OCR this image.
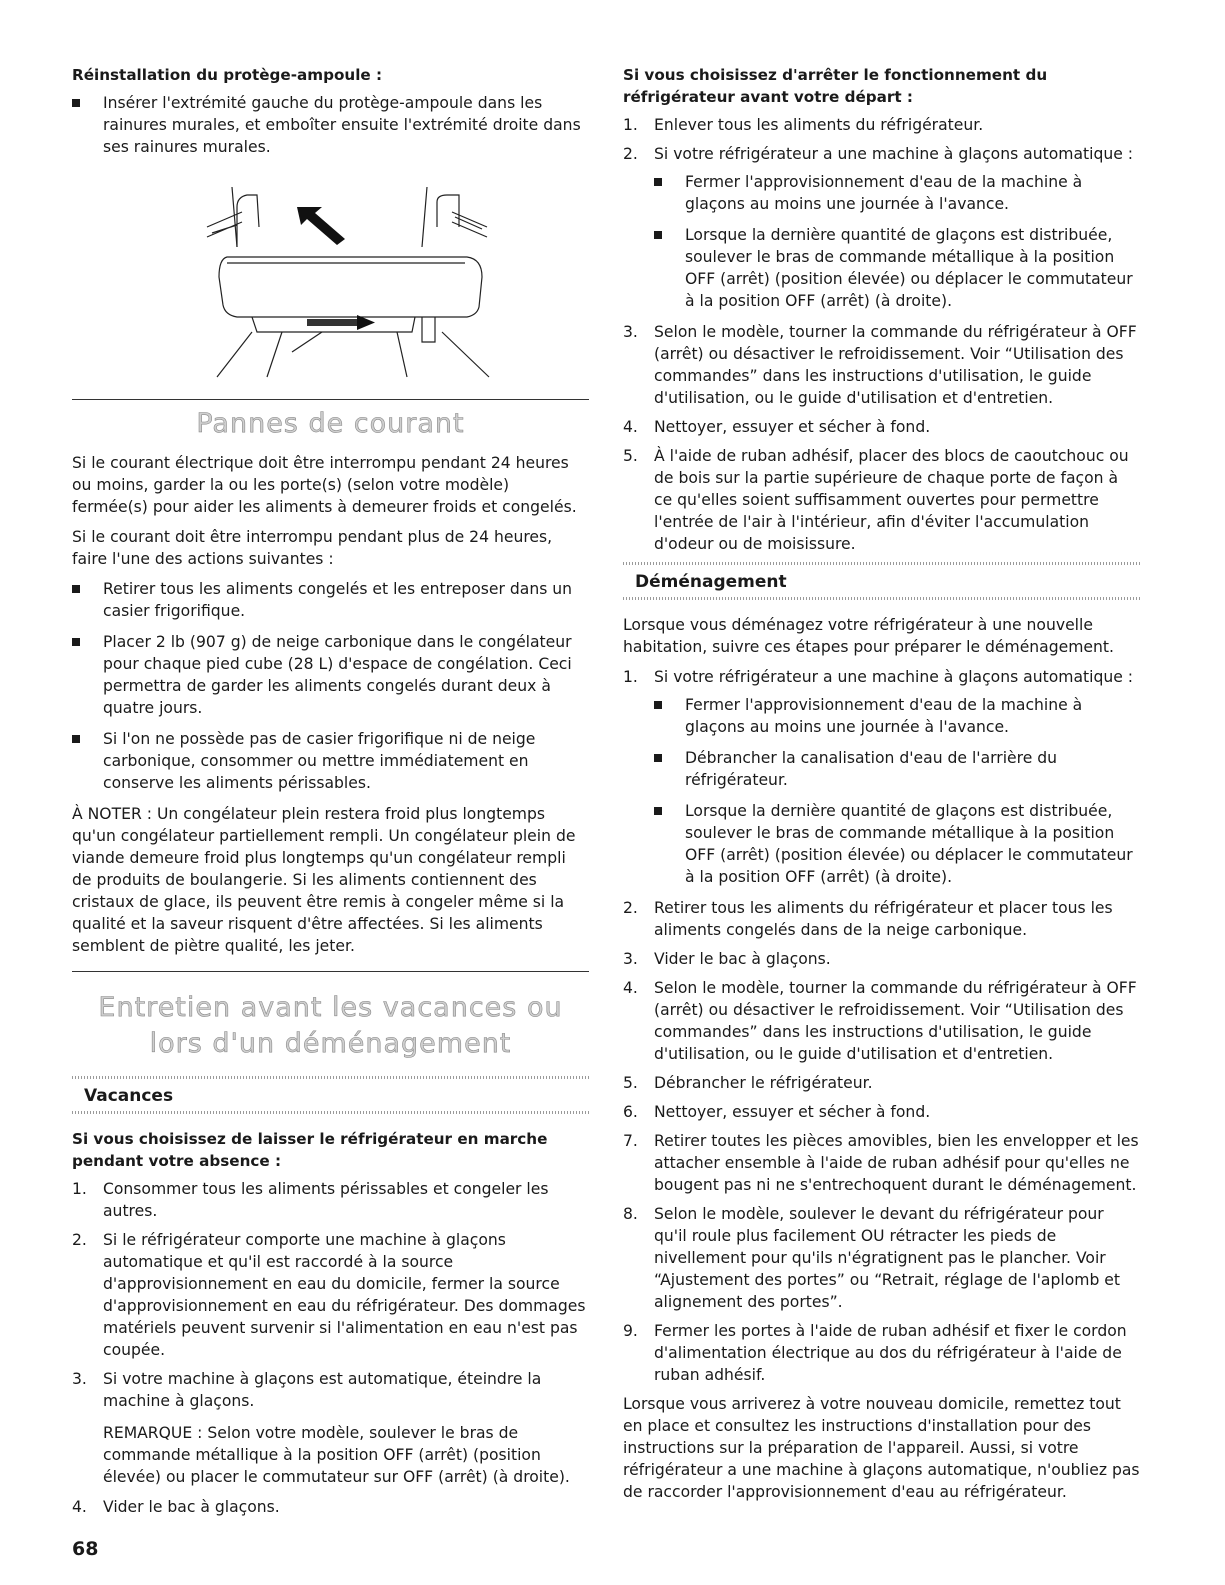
Réinstallation du protège-ampoule :

Insérer l'extrémité gauche du protège-ampoule dans les rainures murales, et emboîter ensuite l'extrémité droite dans ses rainures murales.
Pannes de courant

Si le courant électrique doit être interrompu pendant 24 heures ou moins, garder la ou les porte(s) (selon votre modèle) fermée(s) pour aider les aliments à demeurer froids et congelés.

Si le courant doit être interrompu pendant plus de 24 heures, faire l'une des actions suivantes :

Retirer tous les aliments congelés et les entreposer dans un casier frigorifique.
Placer 2 lb (907 g) de neige carbonique dans le congélateur pour chaque pied cube (28 L) d'espace de congélation. Ceci permettra de garder les aliments congelés durant deux à quatre jours.
Si l'on ne possède pas de casier frigorifique ni de neige carbonique, consommer ou mettre immédiatement en conserve les aliments périssables.

À NOTER : Un congélateur plein restera froid plus longtemps qu'un congélateur partiellement rempli. Un congélateur plein de viande demeure froid plus longtemps qu'un congélateur rempli de produits de boulangerie. Si les aliments contiennent des cristaux de glace, ils peuvent être remis à congeler même si la qualité et la saveur risquent d'être affectées. Si les aliments semblent de piètre qualité, les jeter.

Entretien avant les vacances ou
lors d'un déménagement
Vacances

Si vous choisissez de laisser le réfrigérateur en marche pendant votre absence :

1. Consommer tous les aliments périssables et congeler les autres.
2. Si le réfrigérateur comporte une machine à glaçons automatique et qu'il est raccordé à la source d'approvisionnement en eau du domicile, fermer la source d'approvisionnement en eau du réfrigérateur. Des dommages matériels peuvent survenir si l'alimentation en eau n'est pas coupée.
3. Si votre machine à glaçons est automatique, éteindre la machine à glaçons.

REMARQUE : Selon votre modèle, soulever le bras de commande métallique à la position OFF (arrêt) (position élevée) ou placer le commutateur sur OFF (arrêt) (à droite).

4. Vider le bac à glaçons.

Si vous choisissez d'arrêter le fonctionnement du réfrigérateur avant votre départ :

1. Enlever tous les aliments du réfrigérateur.
2. Si votre réfrigérateur a une machine à glaçons automatique :
Fermer l'approvisionnement d'eau de la machine à glaçons au moins une journée à l'avance.
Lorsque la dernière quantité de glaçons est distribuée, soulever le bras de commande métallique à la position OFF (arrêt) (position élevée) ou déplacer le commutateur à la position OFF (arrêt) (à droite).
3. Selon le modèle, tourner la commande du réfrigérateur à OFF (arrêt) ou désactiver le refroidissement. Voir “Utilisation des commandes” dans les instructions d'utilisation, le guide d'utilisation, ou le guide d'utilisation et d'entretien.
4. Nettoyer, essuyer et sécher à fond.
5. À l'aide de ruban adhésif, placer des blocs de caoutchouc ou de bois sur la partie supérieure de chaque porte de façon à ce qu'elles soient suffisamment ouvertes pour permettre l'entrée de l'air à l'intérieur, afin d'éviter l'accumulation d'odeur ou de moisissure.
Déménagement

Lorsque vous déménagez votre réfrigérateur à une nouvelle habitation, suivre ces étapes pour préparer le déménagement.

1. Si votre réfrigérateur a une machine à glaçons automatique :
Fermer l'approvisionnement d'eau de la machine à glaçons au moins une journée à l'avance.
Débrancher la canalisation d'eau de l'arrière du réfrigérateur.
Lorsque la dernière quantité de glaçons est distribuée, soulever le bras de commande métallique à la position OFF (arrêt) (position élevée) ou déplacer le commutateur à la position OFF (arrêt) (à droite).
2. Retirer tous les aliments du réfrigérateur et placer tous les aliments congelés dans de la neige carbonique.
3. Vider le bac à glaçons.
4. Selon le modèle, tourner la commande du réfrigérateur à OFF (arrêt) ou désactiver le refroidissement. Voir “Utilisation des commandes” dans les instructions d'utilisation, le guide d'utilisation, ou le guide d'utilisation et d'entretien.
5. Débrancher le réfrigérateur.
6. Nettoyer, essuyer et sécher à fond.
7. Retirer toutes les pièces amovibles, bien les envelopper et les attacher ensemble à l'aide de ruban adhésif pour qu'elles ne bougent pas ni ne s'entrechoquent durant le déménagement.
8. Selon le modèle, soulever le devant du réfrigérateur pour qu'il roule plus facilement OU rétracter les pieds de nivellement pour qu'ils n'égratignent pas le plancher. Voir “Ajustement des portes” ou “Retrait, réglage de l'aplomb et alignement des portes”.
9. Fermer les portes à l'aide de ruban adhésif et fixer le cordon d'alimentation électrique au dos du réfrigérateur à l'aide de ruban adhésif.

Lorsque vous arriverez à votre nouveau domicile, remettez tout en place et consultez les instructions d'installation pour des instructions sur la préparation de l'appareil. Aussi, si votre réfrigérateur a une machine à glaçons automatique, n'oubliez pas de raccorder l'approvisionnement d'eau au réfrigérateur.

68
